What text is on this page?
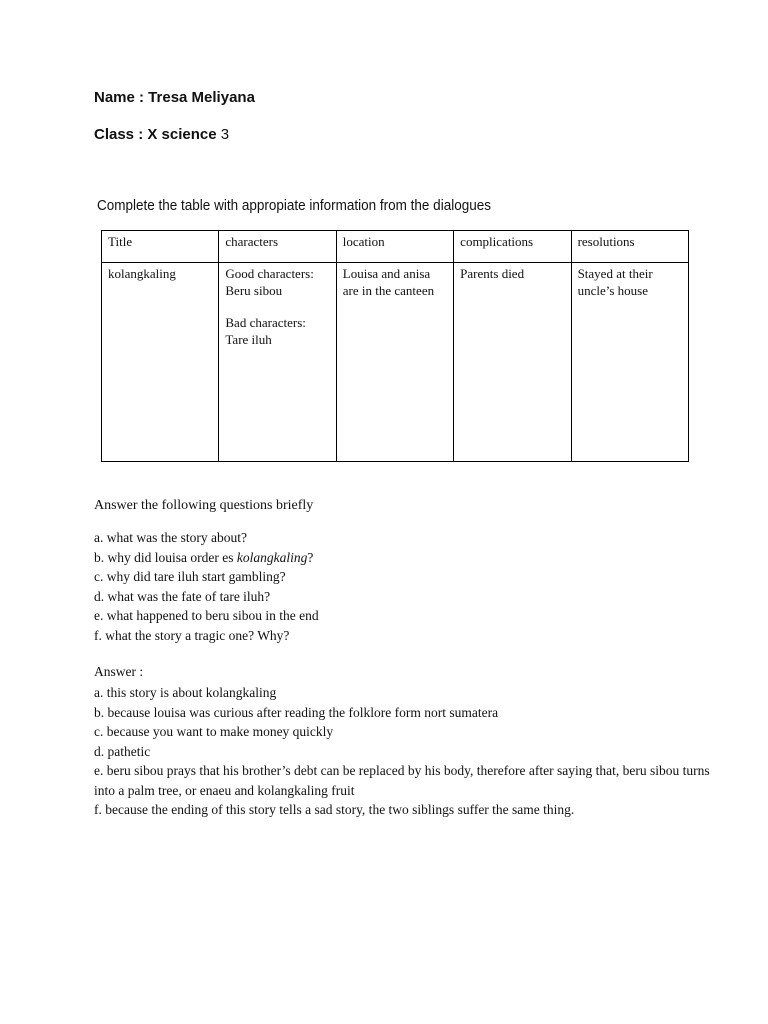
Name : Tresa Meliyana
Class : X science 3
Complete the table with appropiate information from the dialogues
Title	characters	location	complications	resolutions
kolangkaling	Good characters:
Beru sibou
Bad characters:
Tare iluh	Louisa and anisa
are in the canteen	Parents died	Stayed at their
uncle’s house
Answer the following questions briefly
a. what was the story about?
b. why did louisa order es kolangkaling?
c. why did tare iluh start gambling?
d. what was the fate of tare iluh?
e. what happened to beru sibou in the end
f. what the story a tragic one? Why?
Answer :
a. this story is about kolangkaling
b. because louisa was curious after reading the folklore form nort sumatera
c. because you want to make money quickly
d. pathetic
e. beru sibou prays that his brother’s debt can be replaced by his body, therefore after saying that, beru sibou turns into a palm tree, or enaeu and kolangkaling fruit
f. because the ending of this story tells a sad story, the two siblings suffer the same thing.
